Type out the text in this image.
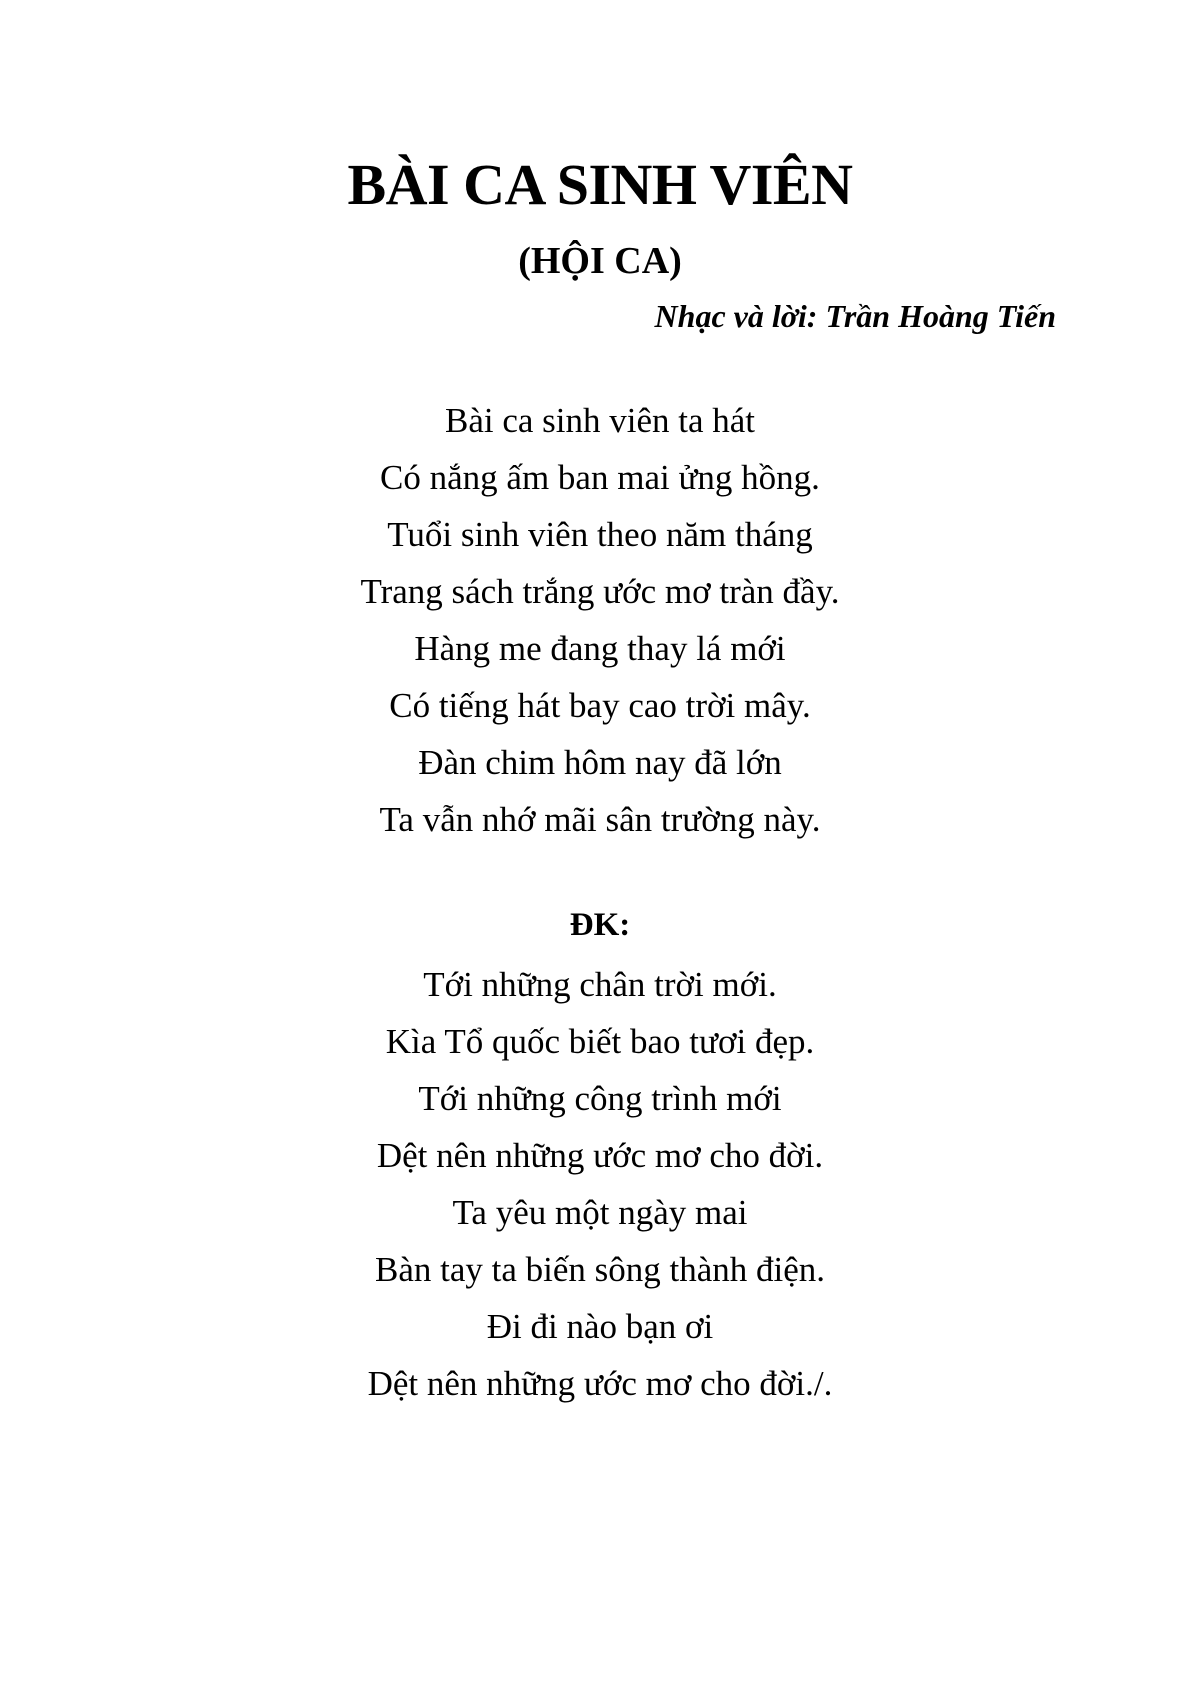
BÀI CA SINH VIÊN
(HỘI CA)

Nhạc và lời: Trần Hoàng Tiến

Bài ca sinh viên ta hát
Có nắng ấm ban mai ửng hồng.
Tuổi sinh viên theo năm tháng
Trang sách trắng ước mơ tràn đầy.
Hàng me đang thay lá mới
Có tiếng hát bay cao trời mây.
Đàn chim hôm nay đã lớn
Ta vẫn nhớ mãi sân trường này.

ĐK:

Tới những chân trời mới.
Kìa Tổ quốc biết bao tươi đẹp.
Tới những công trình mới
Dệt nên những ước mơ cho đời.
Ta yêu một ngày mai
Bàn tay ta biến sông thành điện.
Đi đi nào bạn ơi
Dệt nên những ước mơ cho đời./.
